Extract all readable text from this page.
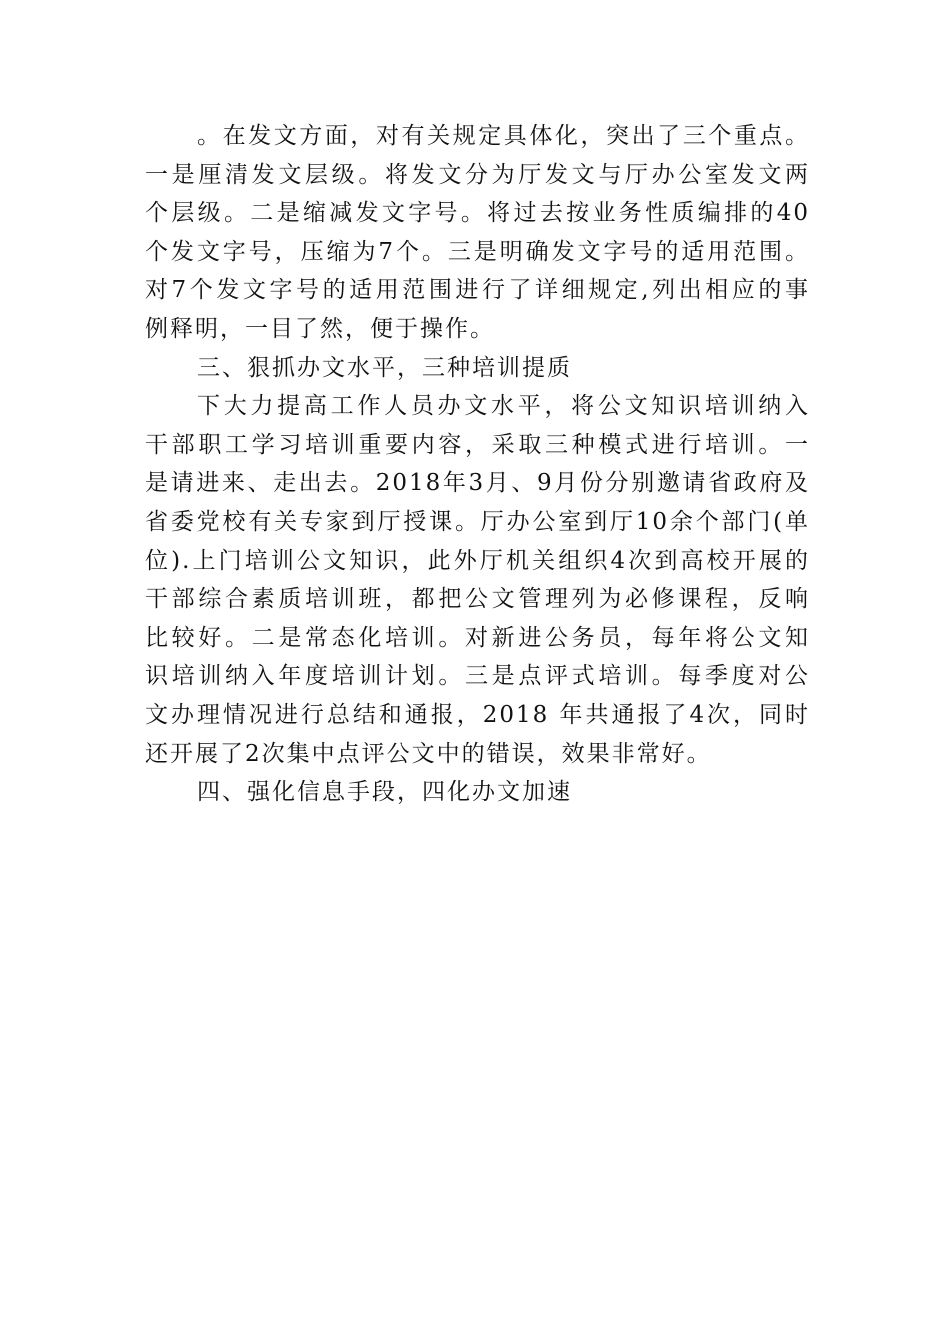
。在发文方面，对有关规定具体化，突出了三个重点。
一是厘清发文层级。将发文分为厅发文与厅办公室发文两
个层级。二是缩减发文字号。将过去按业务性质编排的40
个发文字号，压缩为7个。三是明确发文字号的适用范围。
对7个发文字号的适用范围进行了详细规定,列出相应的事
例释明，一目了然，便于操作。
三、狠抓办文水平，三种培训提质
下大力提高工作人员办文水平，将公文知识培训纳入
干部职工学习培训重要内容，采取三种模式进行培训。一
是请进来、走出去。2018年3月、9月份分别邀请省政府及
省委党校有关专家到厅授课。厅办公室到厅10余个部门(单
位).上门培训公文知识，此外厅机关组织4次到高校开展的
干部综合素质培训班，都把公文管理列为必修课程，反响
比较好。二是常态化培训。对新进公务员，每年将公文知
识培训纳入年度培训计划。三是点评式培训。每季度对公
文办理情况进行总结和通报，2018 年共通报了4次，同时
还开展了2次集中点评公文中的错误，效果非常好。
四、强化信息手段，四化办文加速
